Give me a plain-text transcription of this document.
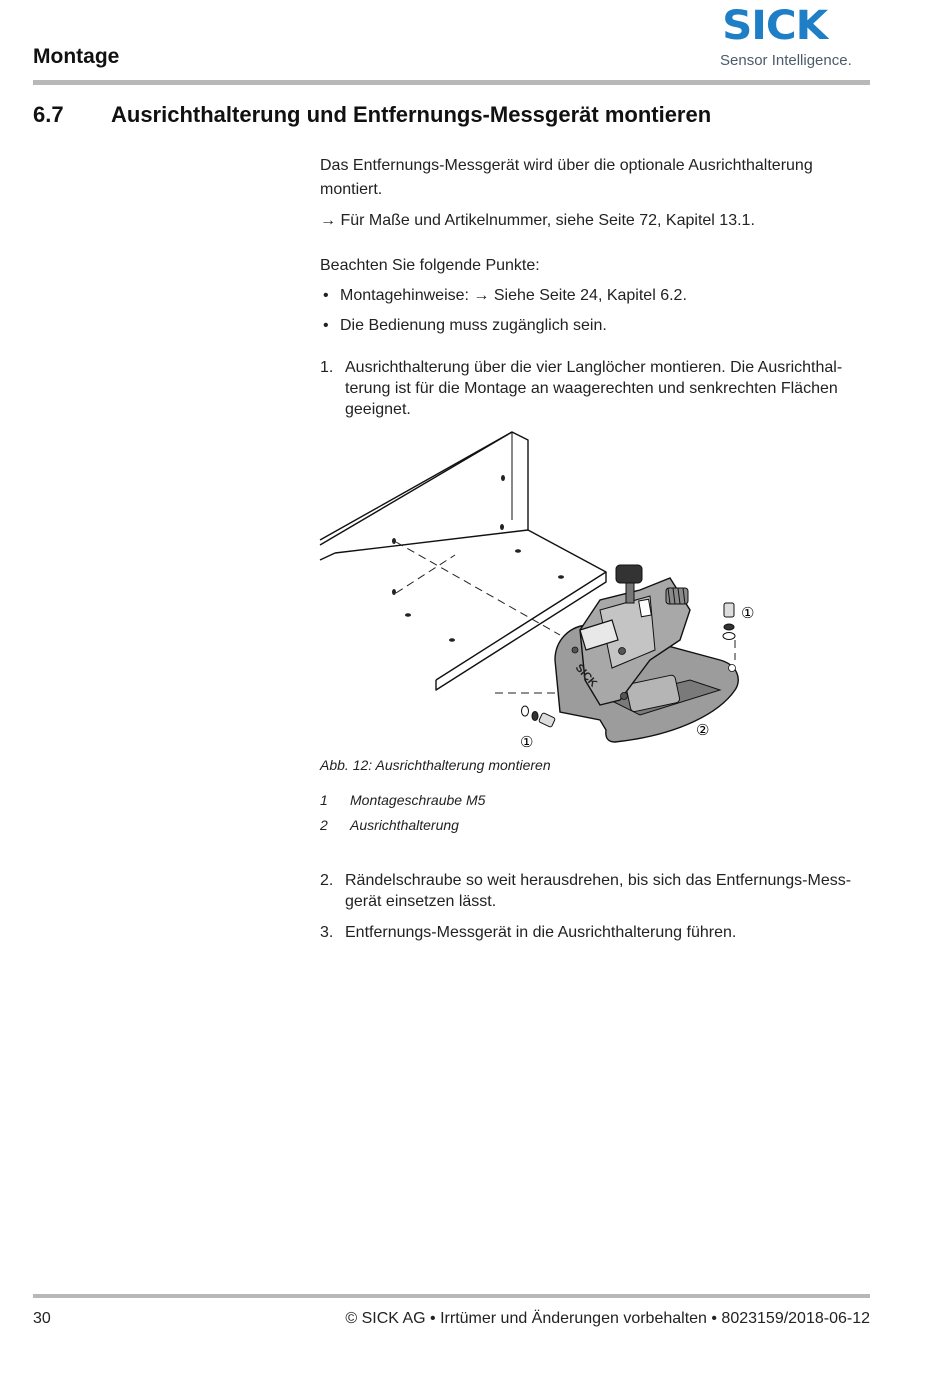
Montage
SICK
Sensor Intelligence.
6.7 Ausrichthalterung und Entfernungs-Messgerät montieren
Das Entfernungs-Messgerät wird über die optionale Ausrichthalterung montiert.
→ Für Maße und Artikelnummer, siehe Seite 72, Kapitel 13.1.
Beachten Sie folgende Punkte:
• Montagehinweise: → Siehe Seite 24, Kapitel 6.2.
• Die Bedienung muss zugänglich sein.
1. Ausrichthalterung über die vier Langlöcher montieren. Die Ausrichthalterung ist für die Montage an waagerechten und senkrechten Flächen geeignet.
SICK
①
②
①
Abb. 12: Ausrichthalterung montieren
1 Montageschraube M5
2 Ausrichthalterung
2. Rändelschraube so weit herausdrehen, bis sich das Entfernungs-Messgerät einsetzen lässt.
3. Entfernungs-Messgerät in die Ausrichthalterung führen.
30	© SICK AG • Irrtümer und Änderungen vorbehalten • 8023159/2018-06-12
